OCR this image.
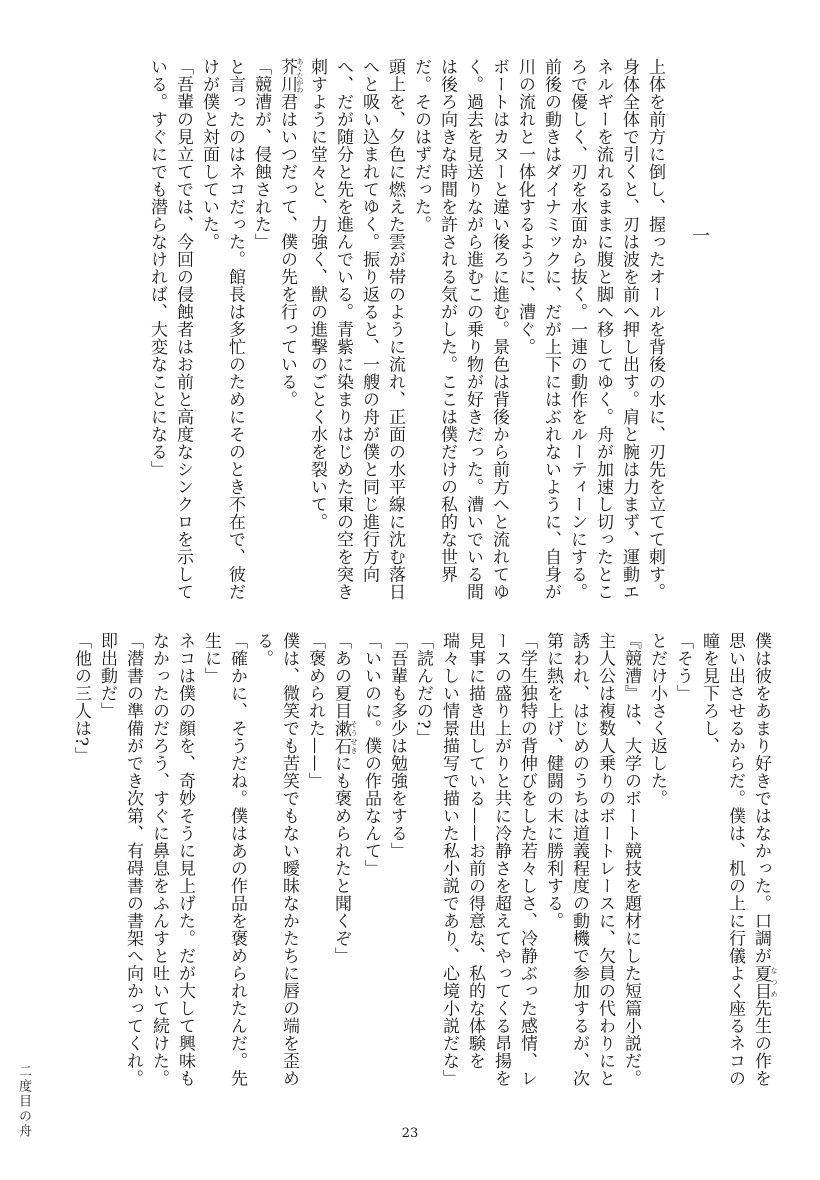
一

上体を前方に倒し、握ったオールを背後の水に、刃先を立てて刺す。身体全体で引くと、刃は波を前へ押し出す。肩と腕は力まず、運動エネルギーを流れるままに腹と脚へ移してゆく。舟が加速し切ったところで優しく、刃を水面から抜く。一連の動作をルーティーンにする。前後の動きはダイナミックに、だが上下にはぶれないように、自身が川の流れと一体化するように、漕ぐ。

ボートはカヌーと違い後ろに進む。景色は背後から前方へと流れてゆく。過去を見送りながら進むこの乗り物が好きだった。漕いでいる間は後ろ向きな時間を許される気がした。ここは僕だけの私的な世界だ。そのはずだった。

頭上を、夕色に燃えた雲が帯のように流れ、正面の水平線に沈む落日へと吸い込まれてゆく。振り返ると、一艘の舟が僕と同じ進行方向へ、だが随分と先を進んでいる。青紫に染まりはじめた東の空を突き刺すように堂々と、力強く、獣の進撃のごとく水を裂いて。

芥川 あくたがわ君はいつだって、僕の先を行っている。

「競漕が、侵蝕された」

と言ったのはネコだった。館長は多忙のためにそのとき不在で、彼だけが僕と対面していた。

「吾輩の見立てでは、今回の侵蝕者はお前と高度なシンクロを示している。すぐにでも潜らなければ、大変なことになる」

僕は彼をあまり好きではなかった。口調が夏目 なつめ先生の作を思い出させるからだ。僕は、机の上に行儀よく座るネコの瞳を見下ろし、

「そう」

とだけ小さく返した。

『競漕』は、大学のボート競技を題材にした短篇小説だ。主人公は複数人乗りのボートレースに、欠員の代わりにと誘われ、はじめのうちは道義程度の動機で参加するが、次第に熱を上げ、健闘の末に勝利する。

「学生独特の背伸びをした若々しさ、冷静ぶった感情、レースの盛り上がりと共に冷静さを超えてやってくる昂揚を見事に描き出している——お前の得意な、私的な体験を瑞々しい情景描写で描いた私小説であり、心境小説だな」

「読んだの?」

「吾輩も多少は勉強をする」

「いいのに。僕の作品なんて」

「あの夏目漱石 そうせきにも褒められたと聞くぞ」

「褒められた——」

僕は、微笑でも苦笑でもない曖昧なかたちに唇の端を歪める。

「確かに、そうだね。僕はあの作品を褒められたんだ。先生に」

ネコは僕の顔を、奇妙そうに見上げた。だが大して興味もなかったのだろう、すぐに鼻息をふんすと吐いて続けた。

「潜書の準備ができ次第、有碍書の書架へ向かってくれ。即出動だ」

「他の三人は?」

二度目の舟	23
